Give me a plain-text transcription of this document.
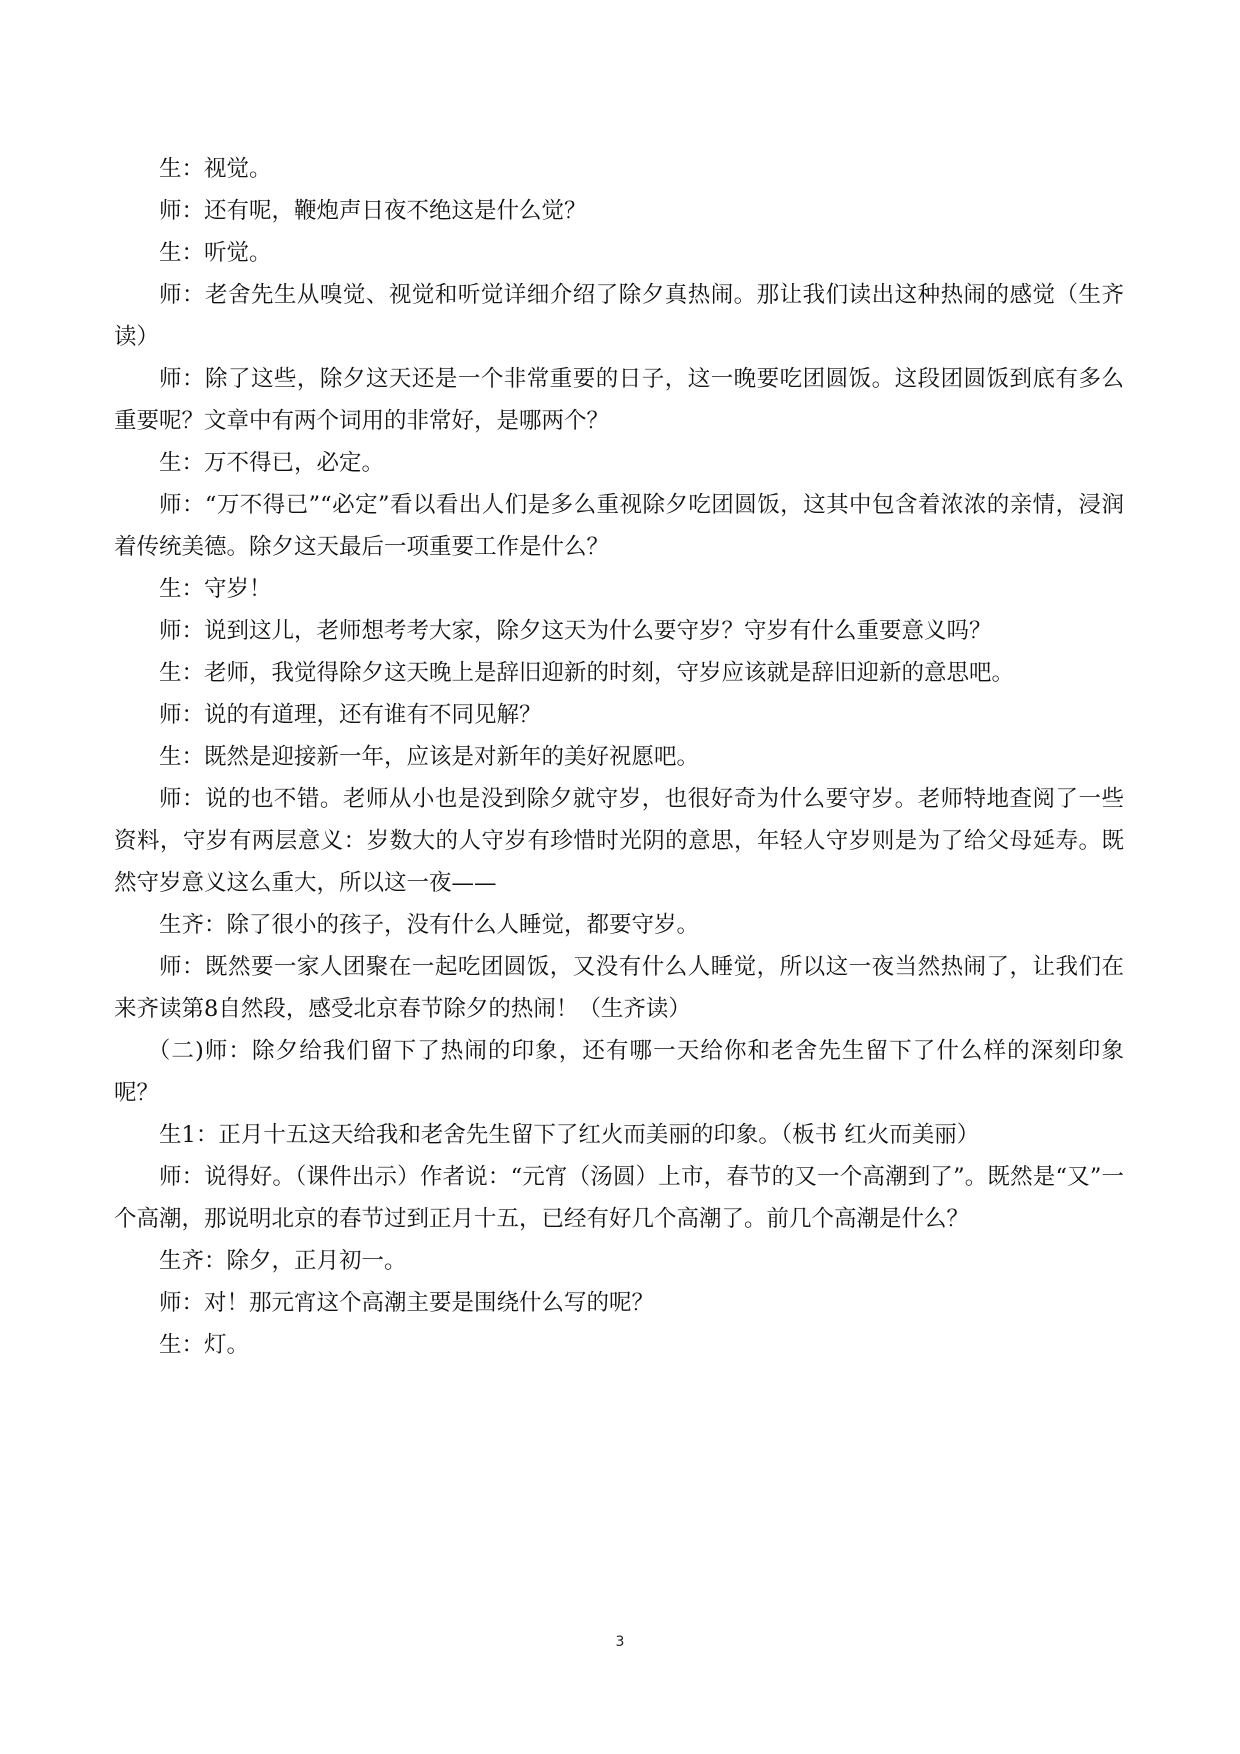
生：视觉。

师：还有呢，鞭炮声日夜不绝这是什么觉？

生：听觉。

师：老舍先生从嗅觉、视觉和听觉详细介绍了除夕真热闹。那让我们读出这种热闹的感觉（生齐读）

师：除了这些，除夕这天还是一个非常重要的日子，这一晚要吃团圆饭。这段团圆饭到底有多么重要呢？文章中有两个词用的非常好，是哪两个？

生：万不得已，必定。

师：“万不得已”“必定”看以看出人们是多么重视除夕吃团圆饭，这其中包含着浓浓的亲情，浸润着传统美德。除夕这天最后一项重要工作是什么？

生：守岁！

师：说到这儿，老师想考考大家，除夕这天为什么要守岁？守岁有什么重要意义吗？

生：老师，我觉得除夕这天晚上是辞旧迎新的时刻，守岁应该就是辞旧迎新的意思吧。

师：说的有道理，还有谁有不同见解？

生：既然是迎接新一年，应该是对新年的美好祝愿吧。

师：说的也不错。老师从小也是没到除夕就守岁，也很好奇为什么要守岁。老师特地查阅了一些资料，守岁有两层意义：岁数大的人守岁有珍惜时光阴的意思，年轻人守岁则是为了给父母延寿。既然守岁意义这么重大，所以这一夜——

生齐：除了很小的孩子，没有什么人睡觉，都要守岁。

师：既然要一家人团聚在一起吃团圆饭，又没有什么人睡觉，所以这一夜当然热闹了，让我们在来齐读第8自然段，感受北京春节除夕的热闹！（生齐读）

（二)师：除夕给我们留下了热闹的印象，还有哪一天给你和老舍先生留下了什么样的深刻印象呢？

生1：正月十五这天给我和老舍先生留下了红火而美丽的印象。（板书 红火而美丽）

师：说得好。（课件出示）作者说：“元宵（汤圆）上市，春节的又一个高潮到了”。既然是“又”一个高潮，那说明北京的春节过到正月十五，已经有好几个高潮了。前几个高潮是什么？

生齐：除夕，正月初一。

师：对！那元宵这个高潮主要是围绕什么写的呢？

生：灯。

3
